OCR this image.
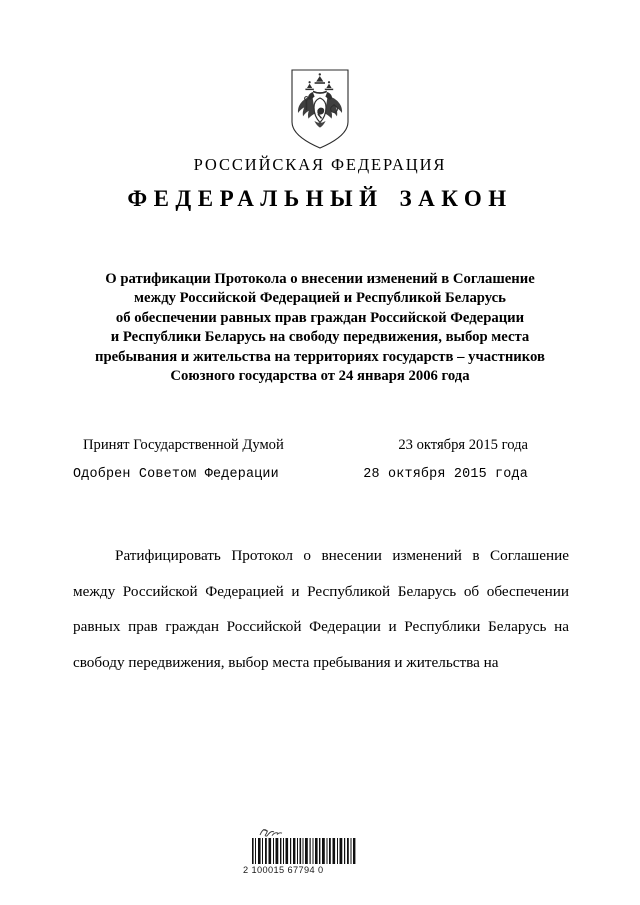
РОССИЙСКАЯ ФЕДЕРАЦИЯ
ФЕДЕРАЛЬНЫЙ ЗАКОН
О ратификации Протокола о внесении изменений в Соглашение
между Российской Федерацией и Республикой Беларусь
об обеспечении равных прав граждан Российской Федерации
и Республики Беларусь на свободу передвижения, выбор места
пребывания и жительства на территориях государств – участников
Союзного государства от 24 января 2006 года
Принят Государственной Думой	23 октября 2015 года
Одобрен Советом Федерации	28 октября 2015 года

Ратифицировать Протокол о внесении изменений в Соглашение между Российской Федерацией и Республикой Беларусь об обеспечении равных прав граждан Российской Федерации и Республики Беларусь на свободу передвижения, выбор места пребывания и жительства на

2 100015 67794 0
